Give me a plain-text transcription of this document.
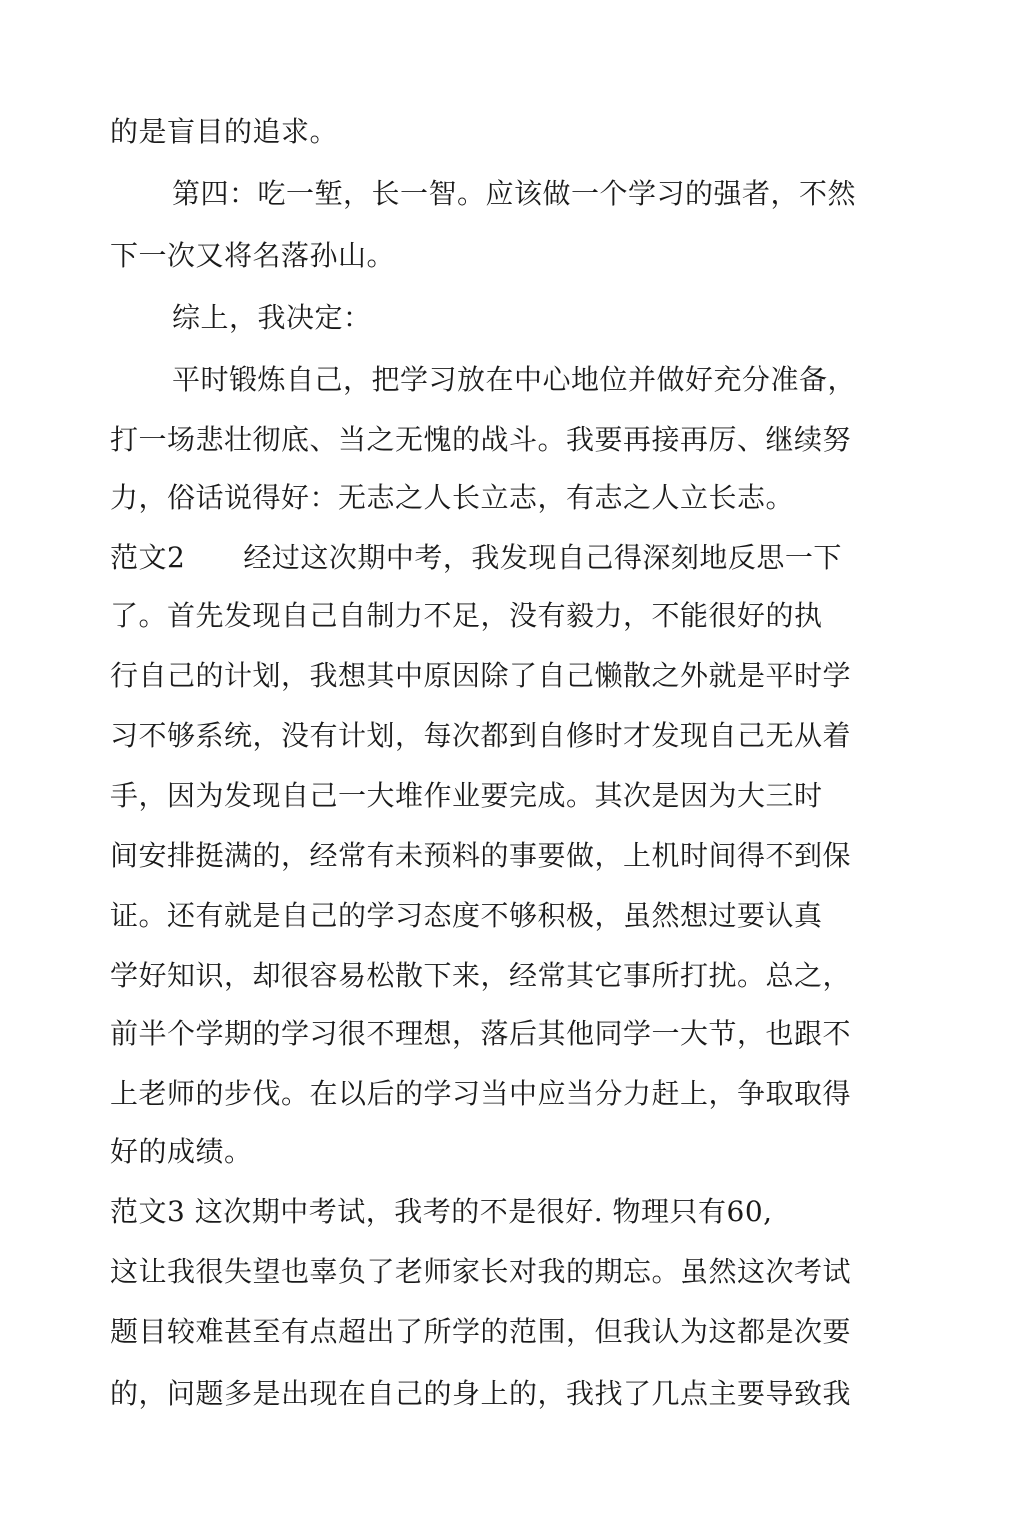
的是盲目的追求。
第四：吃一堑，长一智。应该做一个学习的强者，不然
下一次又将名落孙山。
综上，我决定：
平时锻炼自己，把学习放在中心地位并做好充分准备，
打一场悲壮彻底、当之无愧的战斗。我要再接再厉、继续努
力，俗话说得好：无志之人长立志，有志之人立长志。
范文2 经过这次期中考，我发现自己得深刻地反思一下
了。首先发现自己自制力不足，没有毅力，不能很好的执
行自己的计划，我想其中原因除了自己懒散之外就是平时学
习不够系统，没有计划，每次都到自修时才发现自己无从着
手，因为发现自己一大堆作业要完成。其次是因为大三时
间安排挺满的，经常有未预料的事要做，上机时间得不到保
证。还有就是自己的学习态度不够积极，虽然想过要认真
学好知识，却很容易松散下来，经常其它事所打扰。总之，
前半个学期的学习很不理想，落后其他同学一大节，也跟不
上老师的步伐。在以后的学习当中应当分力赶上，争取取得
好的成绩。
范文3 这次期中考试，我考的不是很好. 物理只有60,
这让我很失望也辜负了老师家长对我的期忘。虽然这次考试
题目较难甚至有点超出了所学的范围，但我认为这都是次要
的，问题多是出现在自己的身上的，我找了几点主要导致我
